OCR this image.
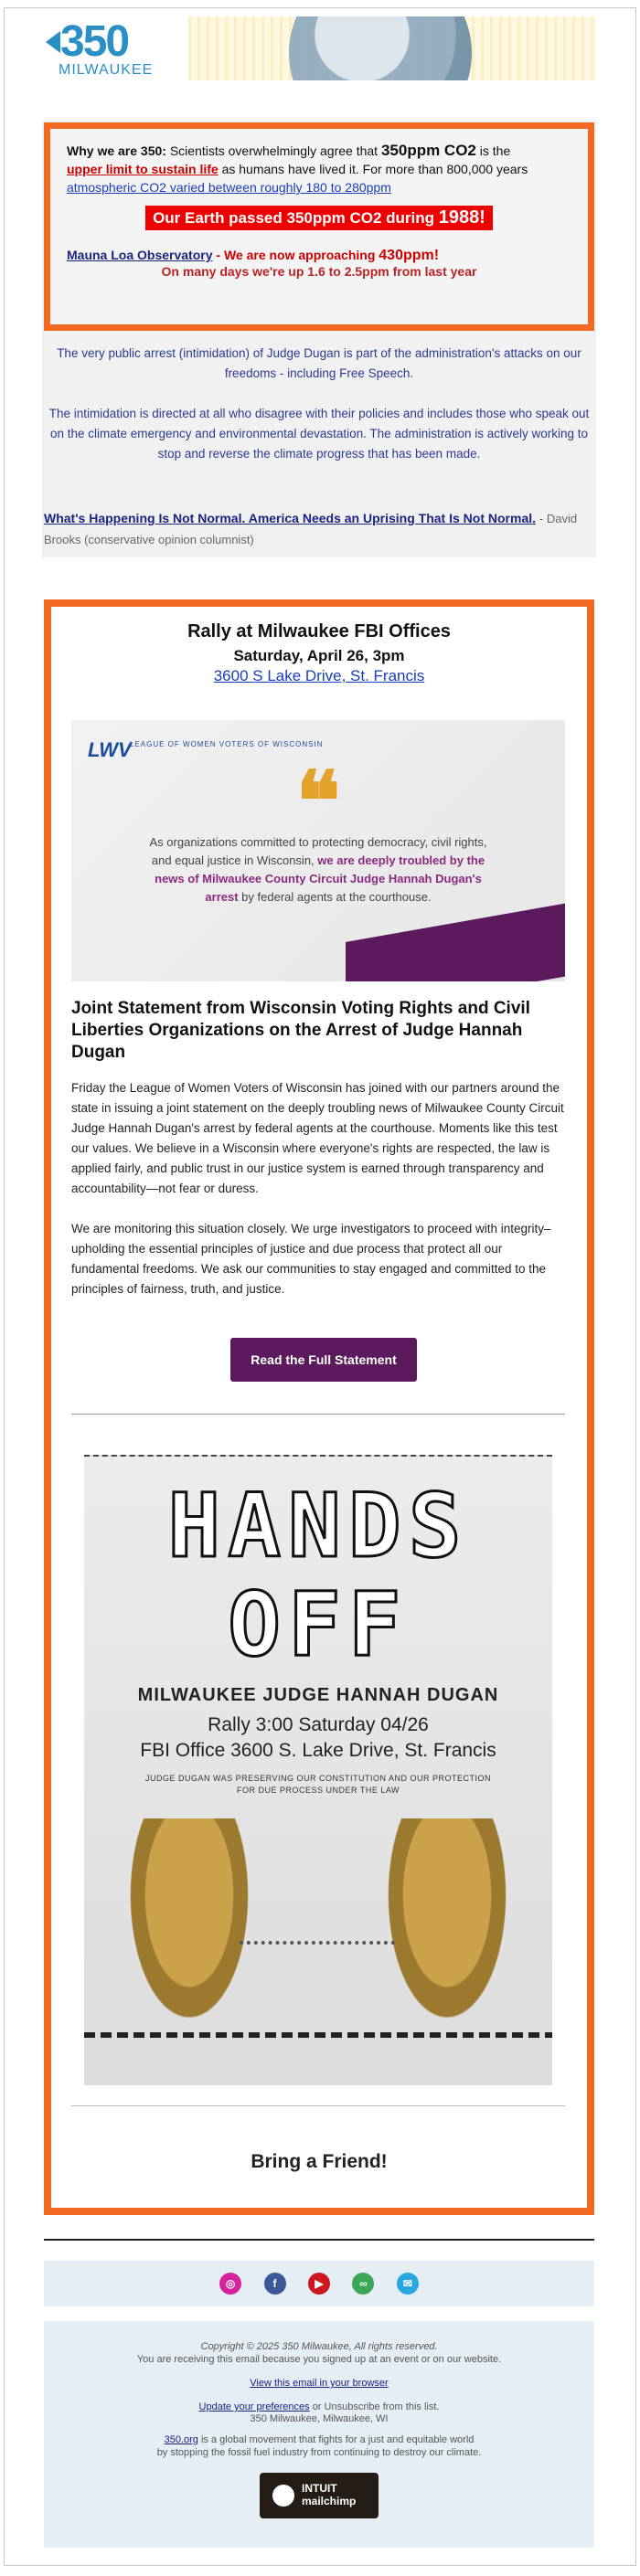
350
MILWAUKEE
Why we are 350: Scientists overwhelmingly agree that 350ppm CO2 is the
upper limit to sustain life as humans have lived it. For more than 800,000 years
atmospheric CO2 varied between roughly 180 to 280ppm
Our Earth passed 350ppm CO2 during 1988!
Mauna Loa Observatory - We are now approaching 430ppm!
On many days we're up 1.6 to 2.5ppm from last year

The very public arrest (intimidation) of Judge Dugan is part of the administration's attacks on our freedoms - including Free Speech.

The intimidation is directed at all who disagree with their policies and includes those who speak out on the climate emergency and environmental devastation. The administration is actively working to stop and reverse the climate progress that has been made.

What's Happening Is Not Normal. America Needs an Uprising That Is Not Normal. - David Brooks (conservative opinion columnist)
Rally at Milwaukee FBI Offices
Saturday, April 26, 3pm
3600 S Lake Drive, St. Francis
LWV
LEAGUE OF WOMEN VOTERS OF WISCONSIN
❝
As organizations committed to protecting democracy, civil rights, and equal justice in Wisconsin, we are deeply troubled by the news of Milwaukee County Circuit Judge Hannah Dugan's arrest by federal agents at the courthouse.
Joint Statement from Wisconsin Voting Rights and Civil Liberties Organizations on the Arrest of Judge Hannah Dugan

Friday the League of Women Voters of Wisconsin has joined with our partners around the state in issuing a joint statement on the deeply troubling news of Milwaukee County Circuit Judge Hannah Dugan's arrest by federal agents at the courthouse. Moments like this test our values. We believe in a Wisconsin where everyone's rights are respected, the law is applied fairly, and public trust in our justice system is earned through transparency and accountability—not fear or duress.

We are monitoring this situation closely. We urge investigators to proceed with integrity– upholding the essential principles of justice and due process that protect all our fundamental freedoms. We ask our communities to stay engaged and committed to the principles of fairness, truth, and justice.

Read the Full Statement
HANDS
OFF
MILWAUKEE JUDGE HANNAH DUGAN
Rally 3:00 Saturday 04/26
FBI Office 3600 S. Lake Drive, St. Francis
JUDGE DUGAN WAS PRESERVING OUR CONSTITUTION AND OUR PROTECTION FOR DUE PROCESS UNDER THE LAW
Bring a Friend!
◎	f	▶	∞	✉
Copyright © 2025 350 Milwaukee, All rights reserved.
You are receiving this email because you signed up at an event or on our website.
View this email in your browser
Update your preferences or Unsubscribe from this list.
350 Milwaukee, Milwaukee, WI
350.org is a global movement that fights for a just and equitable world
by stopping the fossil fuel industry from continuing to destroy our climate.
INTUIT
mailchimp
